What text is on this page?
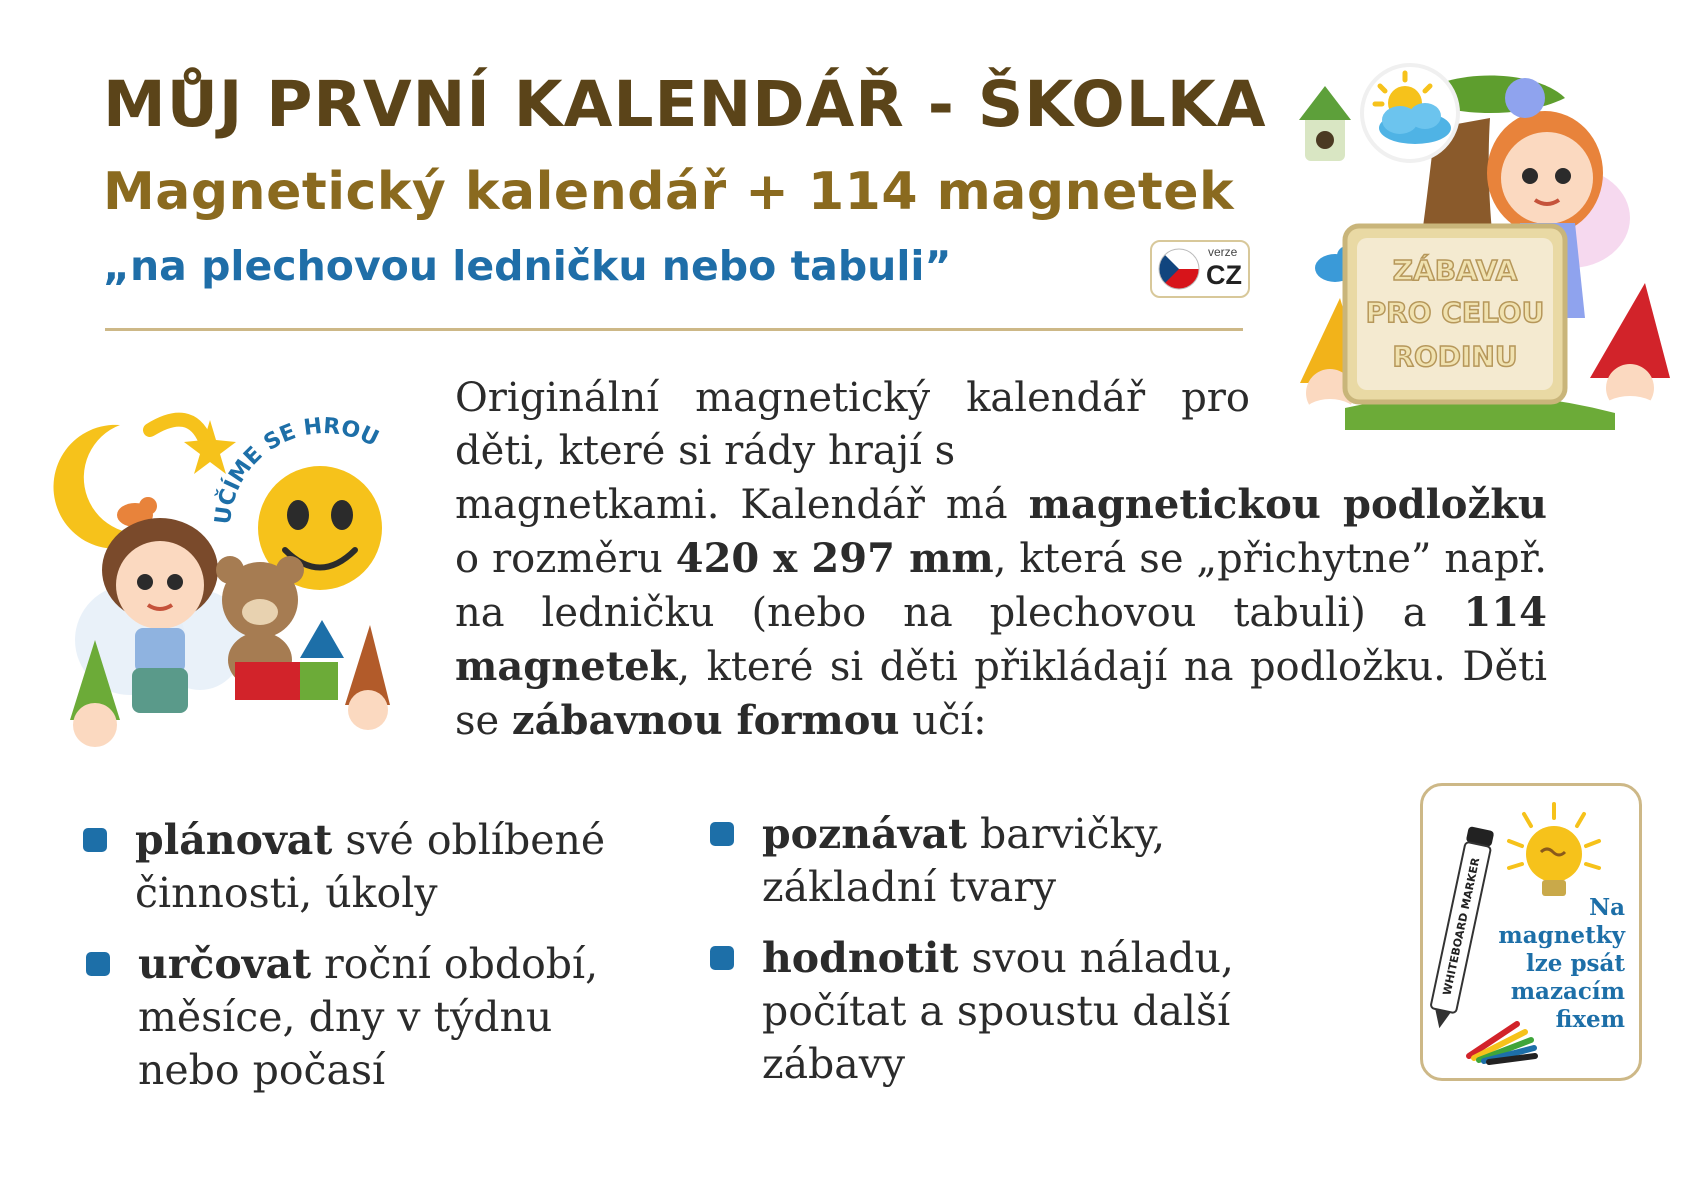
MŮJ PRVNÍ KALENDÁŘ - ŠKOLKA
Magnetický kalendář + 114 magnetek
„na plechovou ledničku nebo tabuli”	verze
CZ	ZÁBAVA
PRO CELOU
RODINU
UČÍME SE HROU

Originální magnetický kalendář pro děti, které si rády hrají s

magnetkami. Kalendář má magnetickou podložku o rozměru 420 x 297 mm, která se „přichytne” např. na ledničku (nebo na plechovou tabuli) a 114 magnetek, které si děti přikládají na podložku. Děti se zábavnou formou učí:

plánovat své oblíbené
činnosti, úkoly
určovat roční období,
měsíce, dny v týdnu
nebo počasí
poznávat barvičky,
základní tvary
hodnotit svou náladu,
počítat a spoustu další
zábavy
WHITEBOARD MARKER	Na
magnetky
lze psát
mazacím
fixem
